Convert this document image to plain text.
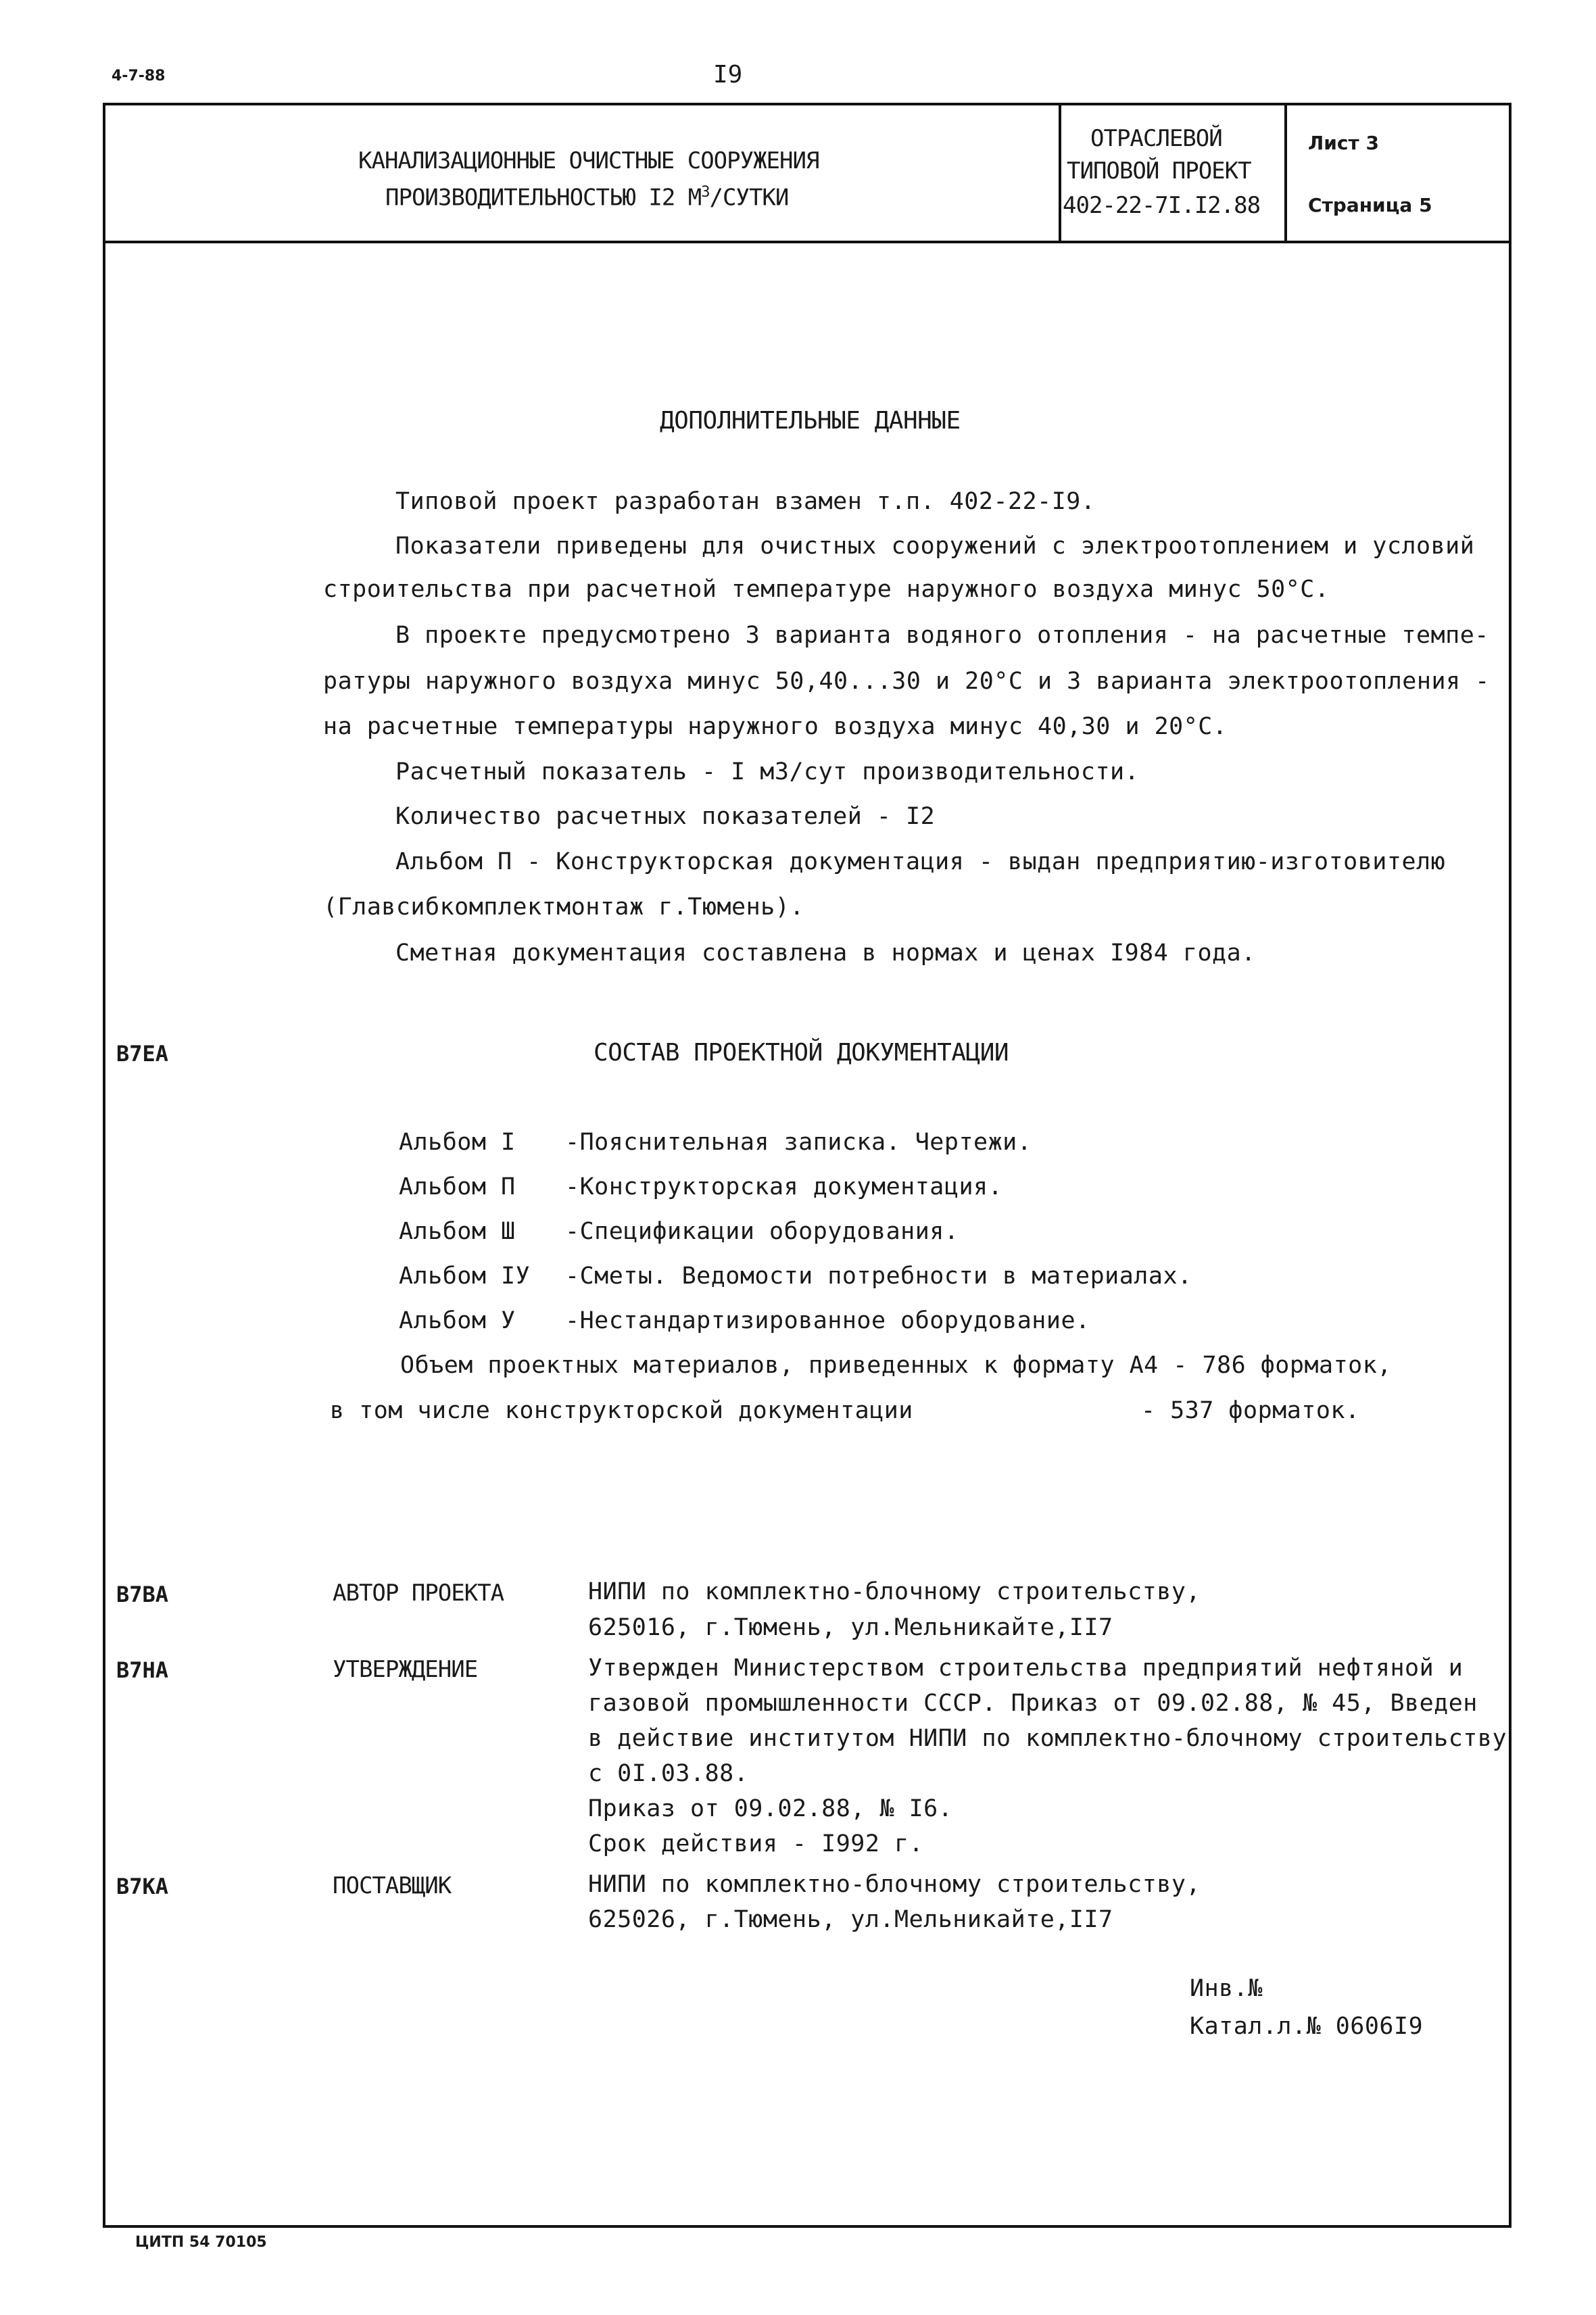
4-7-88	I9
КАНАЛИЗАЦИОННЫЕ ОЧИСТНЫЕ СООРУЖЕНИЯ
ПРОИЗВОДИТЕЛЬНОСТЬЮ I2 $М^3$/СУТКИ
ОТРАСЛЕВОЙ
ТИПОВОЙ ПРОЕКТ
402-22-7I.I2.88
Лист 3
Страница 5
ДОПОЛНИТЕЛЬНЫЕ ДАННЫЕ
Типовой проект разработан взамен т.п. 402-22-I9.
Показатели приведены для очистных сооружений с электроотоплением и условий
строительства при расчетной температуре наружного воздуха минус 50°С.
В проекте предусмотрено 3 варианта водяного отопления - на расчетные темпе-
ратуры наружного воздуха минус 50,40...30 и 20°С и 3 варианта электроотопления -
на расчетные температуры наружного воздуха минус 40,30 и 20°С.
Расчетный показатель - I м3/сут производительности.
Количество расчетных показателей - I2
Альбом П - Конструкторская документация - выдан предприятию-изготовителю
(Главсибкомплектмонтаж г.Тюмень).
Сметная документация составлена в нормах и ценах I984 года.
В7ЕА	СОСТАВ ПРОЕКТНОЙ ДОКУМЕНТАЦИИ
Альбом I -Пояснительная записка. Чертежи.
Альбом П -Конструкторская документация.
Альбом Ш -Спецификации оборудования.
Альбом IУ -Сметы. Ведомости потребности в материалах.
Альбом У -Нестандартизированное оборудование.
Объем проектных материалов, приведенных к формату А4 - 786 форматок,
в том числе конструкторской документации	- 537 форматок.
В7ВА	АВТОР ПРОЕКТА	НИПИ по комплектно-блочному строительству,
625016, г.Тюмень, ул.Мельникайте,II7
В7НА	УТВЕРЖДЕНИЕ	Утвержден Министерством строительства предприятий нефтяной и
газовой промышленности СССР. Приказ от 09.02.88, № 45, Введен
в действие институтом НИПИ по комплектно-блочному строительству
с 0I.03.88.
Приказ от 09.02.88, № I6.
Срок действия - I992 г.
В7КА	ПОСТАВЩИК	НИПИ по комплектно-блочному строительству,
625026, г.Тюмень, ул.Мельникайте,II7
Инв.№
Катал.л.№ 0606I9
ЦИТП 54 70105
